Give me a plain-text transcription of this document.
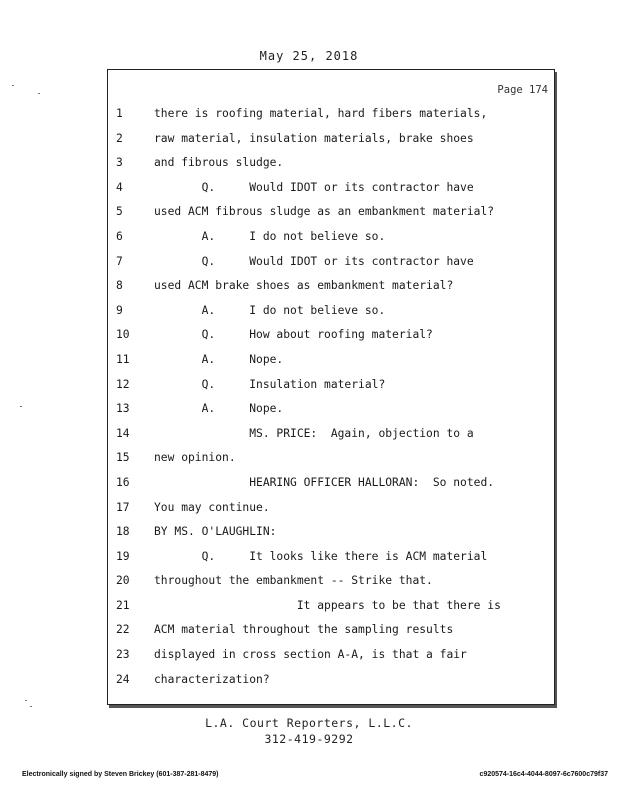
May 25, 2018
Page 174
1	there is roofing material, hard fibers materials,
2	raw material, insulation materials, brake shoes
3	and fibrous sludge.
4	Q.     Would IDOT or its contractor have
5	used ACM fibrous sludge as an embankment material?
6	A.     I do not believe so.
7	Q.     Would IDOT or its contractor have
8	used ACM brake shoes as embankment material?
9	A.     I do not believe so.
10	Q.     How about roofing material?
11	A.     Nope.
12	Q.     Insulation material?
13	A.     Nope.
14	MS. PRICE:  Again, objection to a
15	new opinion.
16	HEARING OFFICER HALLORAN:  So noted.
17	You may continue.
18	BY MS. O'LAUGHLIN:
19	Q.     It looks like there is ACM material
20	throughout the embankment -- Strike that.
21	It appears to be that there is
22	ACM material throughout the sampling results
23	displayed in cross section A-A, is that a fair
24	characterization?
L.A. Court Reporters, L.L.C.
312-419-9292
Electronically signed by Steven Brickey (601-387-281-8479)	c920574-16c4-4044-8097-6c7600c79f37
